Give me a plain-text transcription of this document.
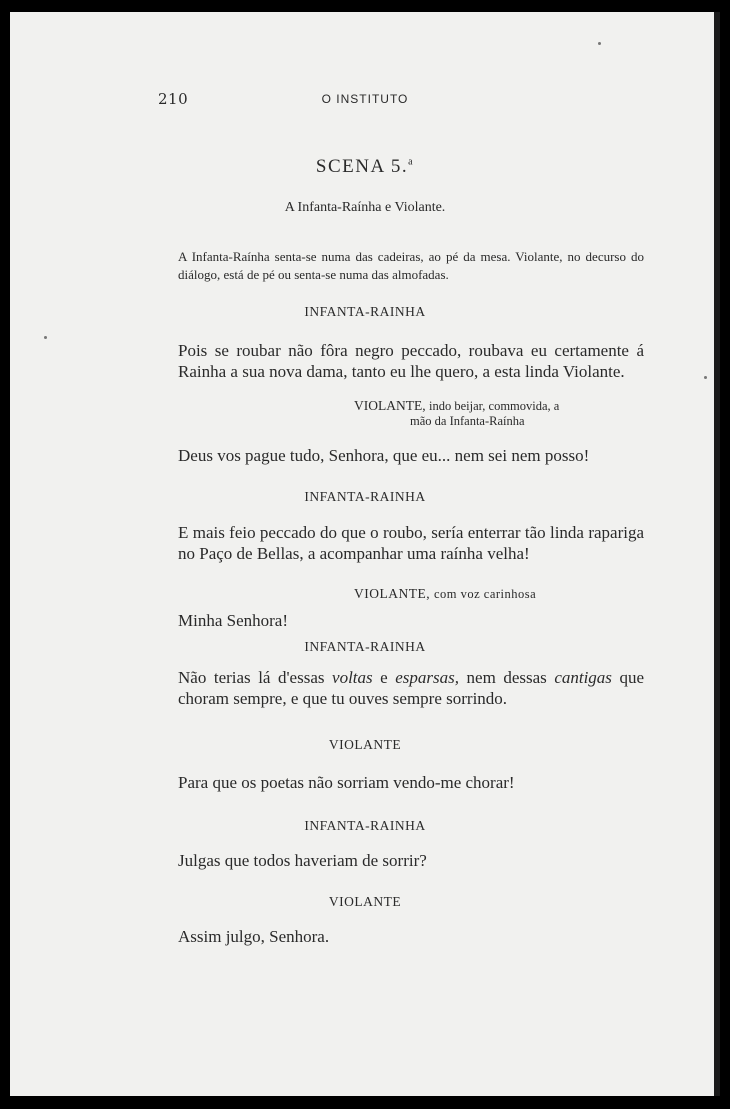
210	O INSTITUTO
SCENA 5.$^a$
A Infanta-Raínha e Violante.
A Infanta-Raínha senta-se numa das cadeiras, ao pé da mesa. Violante, no decurso do diálogo, está de pé ou senta-se numa das almofadas.
INFANTA-RAINHA
Pois se roubar não fôra negro peccado, roubava eu certamente á Rainha a sua nova dama, tanto eu lhe quero, a esta linda Violante.
VIOLANTE, indo beijar, commovida, a
mão da Infanta-Raínha
Deus vos pague tudo, Senhora, que eu... nem sei nem posso!
INFANTA-RAINHA
E mais feio peccado do que o roubo, sería enterrar tão linda rapariga no Paço de Bellas, a acompanhar uma raínha velha!
VIOLANTE, com voz carinhosa
Minha Senhora!
INFANTA-RAINHA
Não terias lá d'essas voltas e esparsas, nem dessas cantigas que choram sempre, e que tu ouves sempre sorrindo.
VIOLANTE
Para que os poetas não sorriam vendo-me chorar!
INFANTA-RAINHA
Julgas que todos haveriam de sorrir?
VIOLANTE
Assim julgo, Senhora.
